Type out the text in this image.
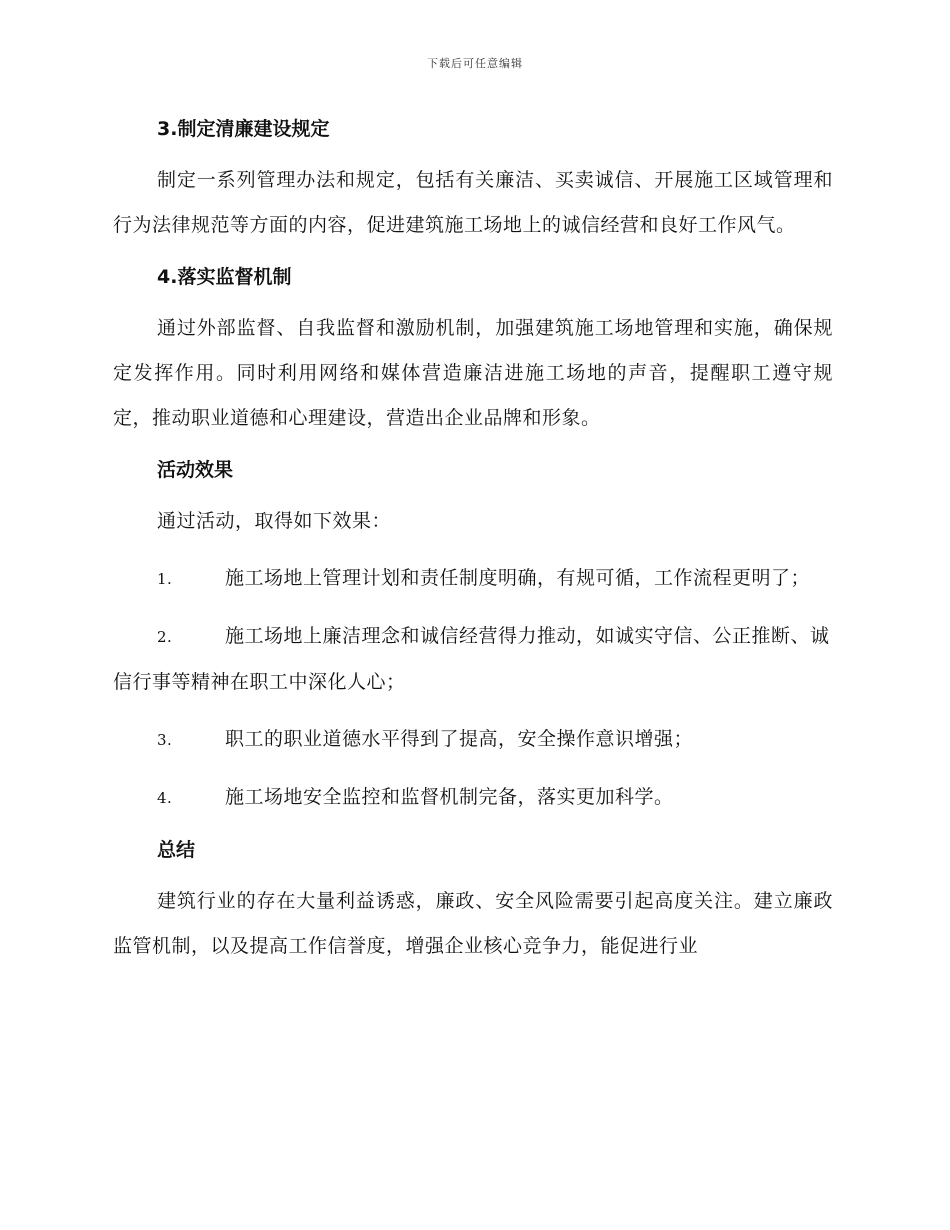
下载后可任意编辑

3.制定清廉建设规定

制定一系列管理办法和规定，包括有关廉洁、买卖诚信、开展施工区域管理和行为法律规范等方面的内容，促进建筑施工场地上的诚信经营和良好工作风气。

4.落实监督机制

通过外部监督、自我监督和激励机制，加强建筑施工场地管理和实施，确保规定发挥作用。同时利用网络和媒体营造廉洁进施工场地的声音，提醒职工遵守规定，推动职业道德和心理建设，营造出企业品牌和形象。

活动效果

通过活动，取得如下效果：

1.	施工场地上管理计划和责任制度明确，有规可循，工作流程更明了；

2.	施工场地上廉洁理念和诚信经营得力推动，如诚实守信、公正推断、诚信行事等精神在职工中深化人心；

3.	职工的职业道德水平得到了提高，安全操作意识增强；

4.	施工场地安全监控和监督机制完备，落实更加科学。

总结

建筑行业的存在大量利益诱惑，廉政、安全风险需要引起高度关注。建立廉政监管机制，以及提高工作信誉度，增强企业核心竞争力，能促进行业
